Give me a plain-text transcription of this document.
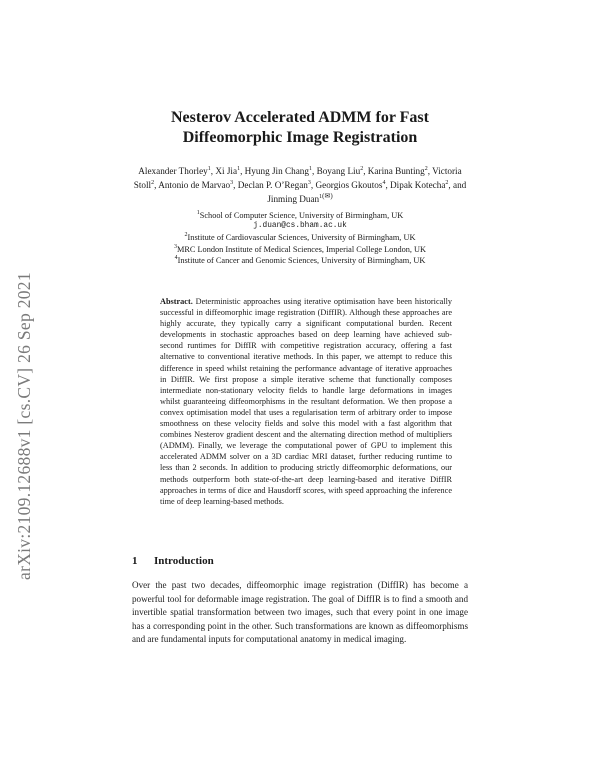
arXiv:2109.12688v1 [cs.CV] 26 Sep 2021
Nesterov Accelerated ADMM for Fast
Diffeomorphic Image Registration
Alexander Thorley$^1$, Xi Jia$^1$, Hyung Jin Chang$^1$, Boyang Liu$^2$, Karina Bunting$^2$, Victoria Stoll$^2$, Antonio de Marvao$^3$, Declan P. O’Regan$^3$, Georgios Gkoutos$^4$, Dipak Kotecha$^2$, and Jinming Duan$^{1(✉)}$
$^1$School of Computer Science, University of Birmingham, UK
j.duan@cs.bham.ac.uk
$^2$Institute of Cardiovascular Sciences, University of Birmingham, UK
$^3$MRC London Institute of Medical Sciences, Imperial College London, UK
$^4$Institute of Cancer and Genomic Sciences, University of Birmingham, UK
Abstract. Deterministic approaches using iterative optimisation have been historically successful in diffeomorphic image registration (DiffIR). Although these approaches are highly accurate, they typically carry a significant computational burden. Recent developments in stochastic approaches based on deep learning have achieved sub-second runtimes for DiffIR with competitive registration accuracy, offering a fast alternative to conventional iterative methods. In this paper, we attempt to reduce this difference in speed whilst retaining the performance advantage of iterative approaches in DiffIR. We first propose a simple iterative scheme that functionally composes intermediate non-stationary velocity fields to handle large deformations in images whilst guaranteeing diffeomorphisms in the resultant deformation. We then propose a convex optimisation model that uses a regularisation term of arbitrary order to impose smoothness on these velocity fields and solve this model with a fast algorithm that combines Nesterov gradient descent and the alternating direction method of multipliers (ADMM). Finally, we leverage the computational power of GPU to implement this accelerated ADMM solver on a 3D cardiac MRI dataset, further reducing runtime to less than 2 seconds. In addition to producing strictly diffeomorphic deformations, our methods outperform both state-of-the-art deep learning-based and iterative DiffIR approaches in terms of dice and Hausdorff scores, with speed approaching the inference time of deep learning-based methods.
1 Introduction
Over the past two decades, diffeomorphic image registration (DiffIR) has become a powerful tool for deformable image registration. The goal of DiffIR is to find a smooth and invertible spatial transformation between two images, such that every point in one image has a corresponding point in the other. Such transformations are known as diffeomorphisms and are fundamental inputs for computational anatomy in medical imaging.
